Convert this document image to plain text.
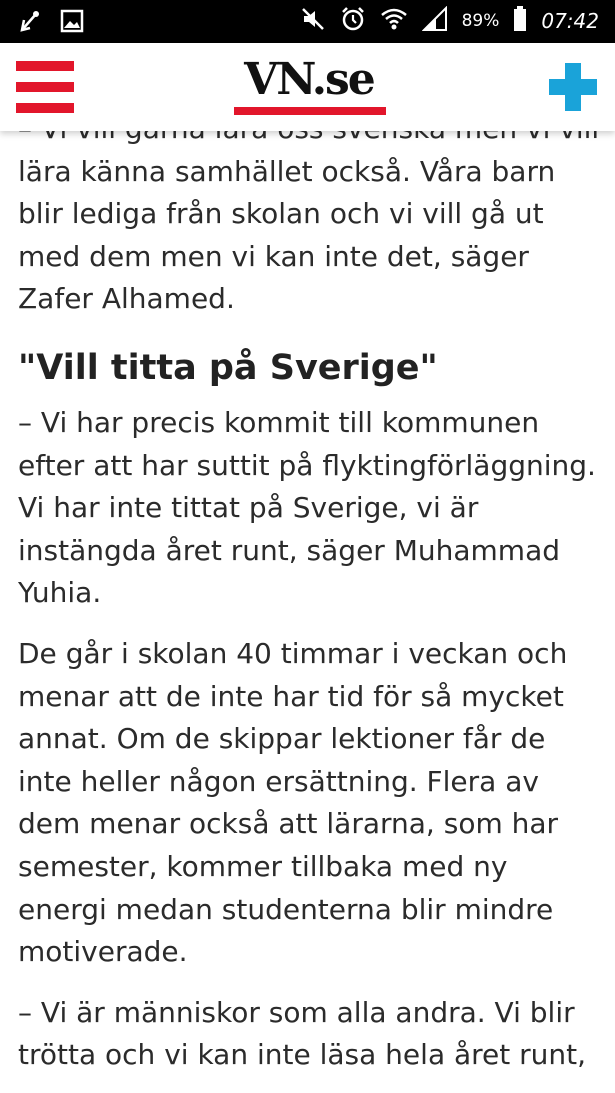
89% 07:42
VN.se

lära känna samhället också. Våra barn blir lediga från skolan och vi vill gå ut med dem men vi kan inte det, säger Zafer Alhamed.

"Vill titta på Sverige"

– Vi har precis kommit till kommunen efter att har suttit på flyktingförläggning. Vi har inte tittat på Sverige, vi är instängda året runt, säger Muhammad Yuhia.

De går i skolan 40 timmar i veckan och menar att de inte har tid för så mycket annat. Om de skippar lektioner får de inte heller någon ersättning. Flera av dem menar också att lärarna, som har semester, kommer tillbaka med ny energi medan studenterna blir mindre motiverade.

– Vi är människor som alla andra. Vi blir trötta och vi kan inte läsa hela året runt,
